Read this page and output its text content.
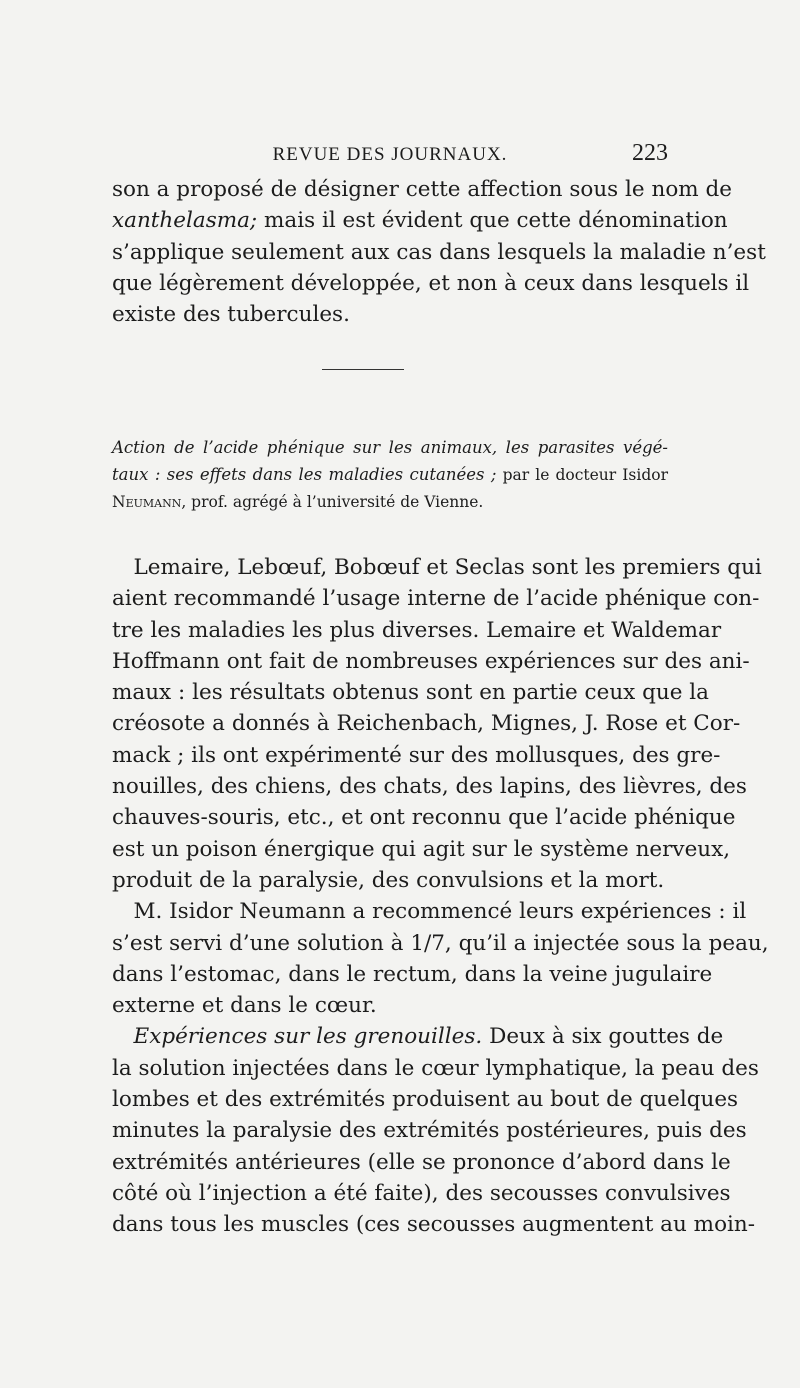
REVUE DES JOURNAUX.	223
son a proposé de désigner cette affection sous le nom de
xanthelasma; mais il est évident que cette dénomination
s’applique seulement aux cas dans lesquels la maladie n’est
que légèrement développée, et non à ceux dans lesquels il
existe des tubercules.
Action de l’acide phénique sur les animaux, les parasites végé-
taux : ses effets dans les maladies cutanées ; par le docteur Isidor
Neumann, prof. agrégé à l’université de Vienne.
Lemaire, Lebœuf, Bobœuf et Seclas sont les premiers qui
aient recommandé l’usage interne de l’acide phénique con-
tre les maladies les plus diverses. Lemaire et Waldemar
Hoffmann ont fait de nombreuses expériences sur des ani-
maux : les résultats obtenus sont en partie ceux que la
créosote a donnés à Reichenbach, Mignes, J. Rose et Cor-
mack ; ils ont expérimenté sur des mollusques, des gre-
nouilles, des chiens, des chats, des lapins, des lièvres, des
chauves-souris, etc., et ont reconnu que l’acide phénique
est un poison énergique qui agit sur le système nerveux,
produit de la paralysie, des convulsions et la mort.
M. Isidor Neumann a recommencé leurs expériences : il
s’est servi d’une solution à 1/7, qu’il a injectée sous la peau,
dans l’estomac, dans le rectum, dans la veine jugulaire
externe et dans le cœur.
Expériences sur les grenouilles. Deux à six gouttes de
la solution injectées dans le cœur lymphatique, la peau des
lombes et des extrémités produisent au bout de quelques
minutes la paralysie des extrémités postérieures, puis des
extrémités antérieures (elle se prononce d’abord dans le
côté où l’injection a été faite), des secousses convulsives
dans tous les muscles (ces secousses augmentent au moin-
